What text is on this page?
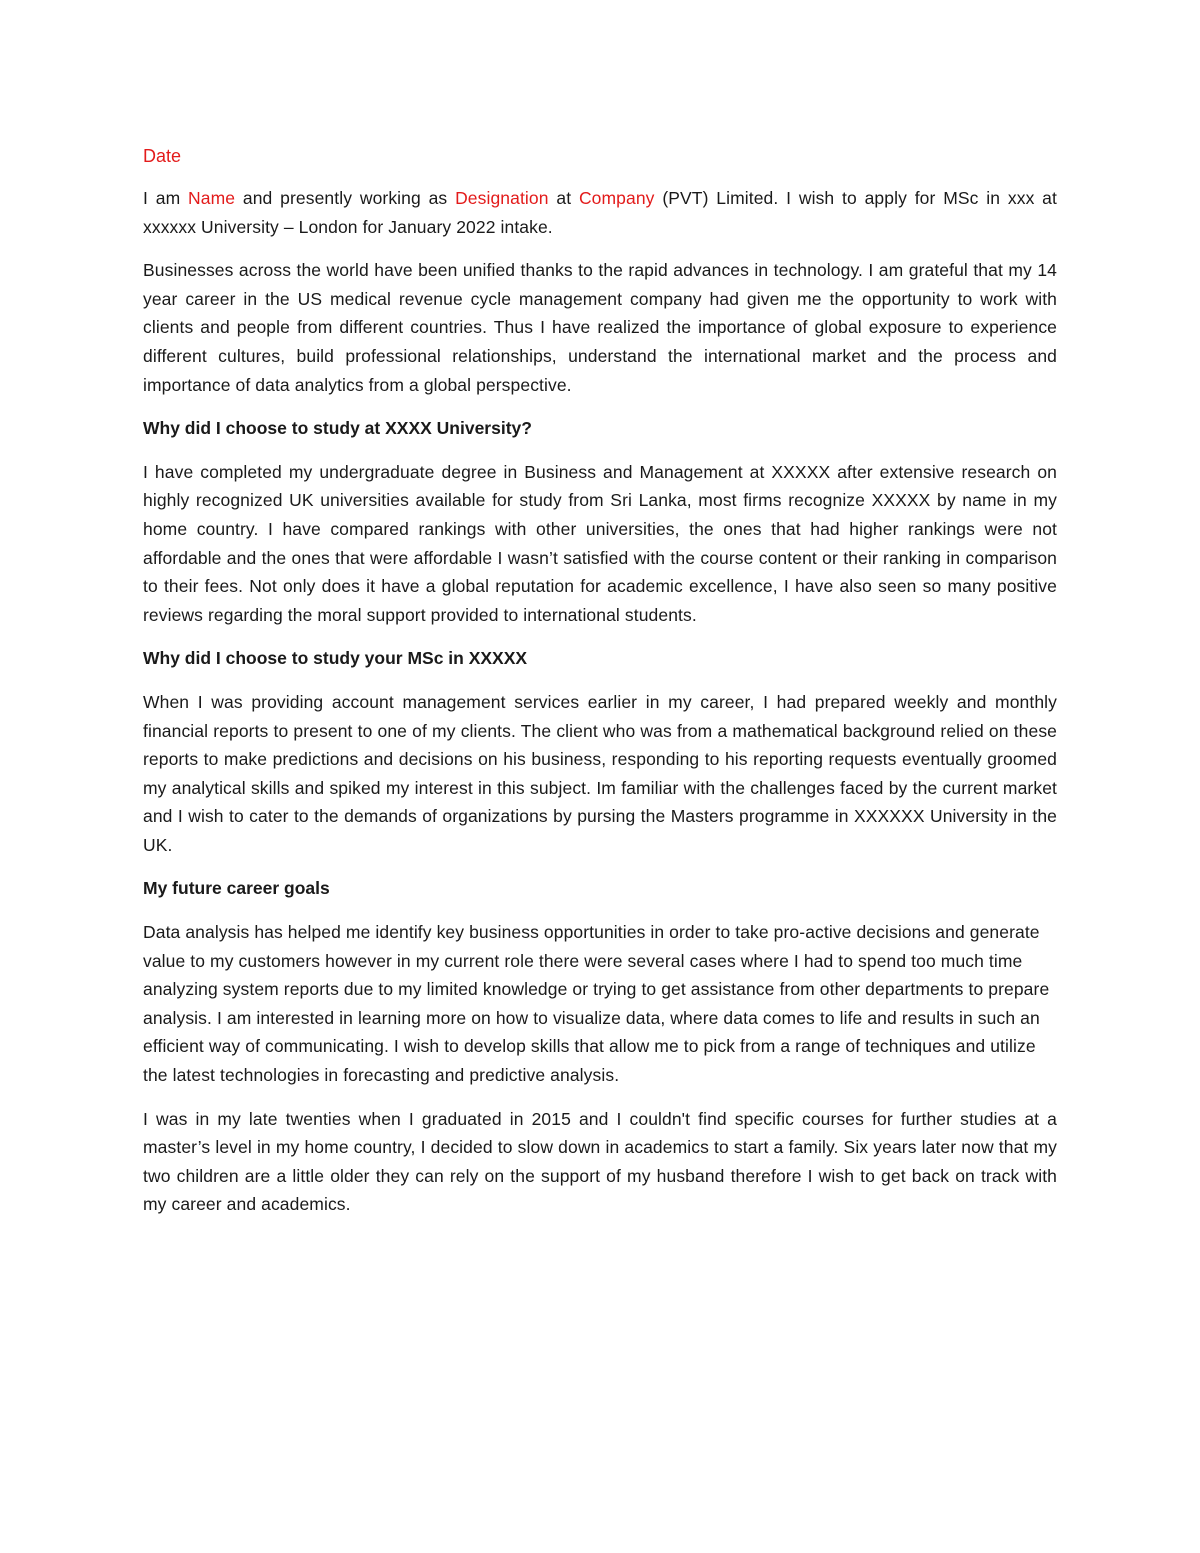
Date

I am Name and presently working as Designation at Company (PVT) Limited. I wish to apply for MSc in xxx at xxxxxx University – London for January 2022 intake.

Businesses across the world have been unified thanks to the rapid advances in technology. I am grateful that my 14 year career in the US medical revenue cycle management company had given me the opportunity to work with clients and people from different countries. Thus I have realized the importance of global exposure to experience different cultures, build professional relationships, understand the international market and the process and importance of data analytics from a global perspective.

Why did I choose to study at XXXX University?

I have completed my undergraduate degree in Business and Management at XXXXX after extensive research on highly recognized UK universities available for study from Sri Lanka, most firms recognize XXXXX by name in my home country. I have compared rankings with other universities, the ones that had higher rankings were not affordable and the ones that were affordable I wasn’t satisfied with the course content or their ranking in comparison to their fees. Not only does it have a global reputation for academic excellence, I have also seen so many positive reviews regarding the moral support provided to international students.

Why did I choose to study your MSc in XXXXX

When I was providing account management services earlier in my career, I had prepared weekly and monthly financial reports to present to one of my clients. The client who was from a mathematical background relied on these reports to make predictions and decisions on his business, responding to his reporting requests eventually groomed my analytical skills and spiked my interest in this subject. Im familiar with the challenges faced by the current market and I wish to cater to the demands of organizations by pursing the Masters programme in XXXXXX University in the UK.

My future career goals

Data analysis has helped me identify key business opportunities in order to take pro-active decisions and generate value to my customers however in my current role there were several cases where I had to spend too much time analyzing system reports due to my limited knowledge or trying to get assistance from other departments to prepare analysis. I am interested in learning more on how to visualize data, where data comes to life and results in such an efficient way of communicating. I wish to develop skills that allow me to pick from a range of techniques and utilize the latest technologies in forecasting and predictive analysis.

I was in my late twenties when I graduated in 2015 and I couldn't find specific courses for further studies at a master’s level in my home country, I decided to slow down in academics to start a family. Six years later now that my two children are a little older they can rely on the support of my husband therefore I wish to get back on track with my career and academics.
